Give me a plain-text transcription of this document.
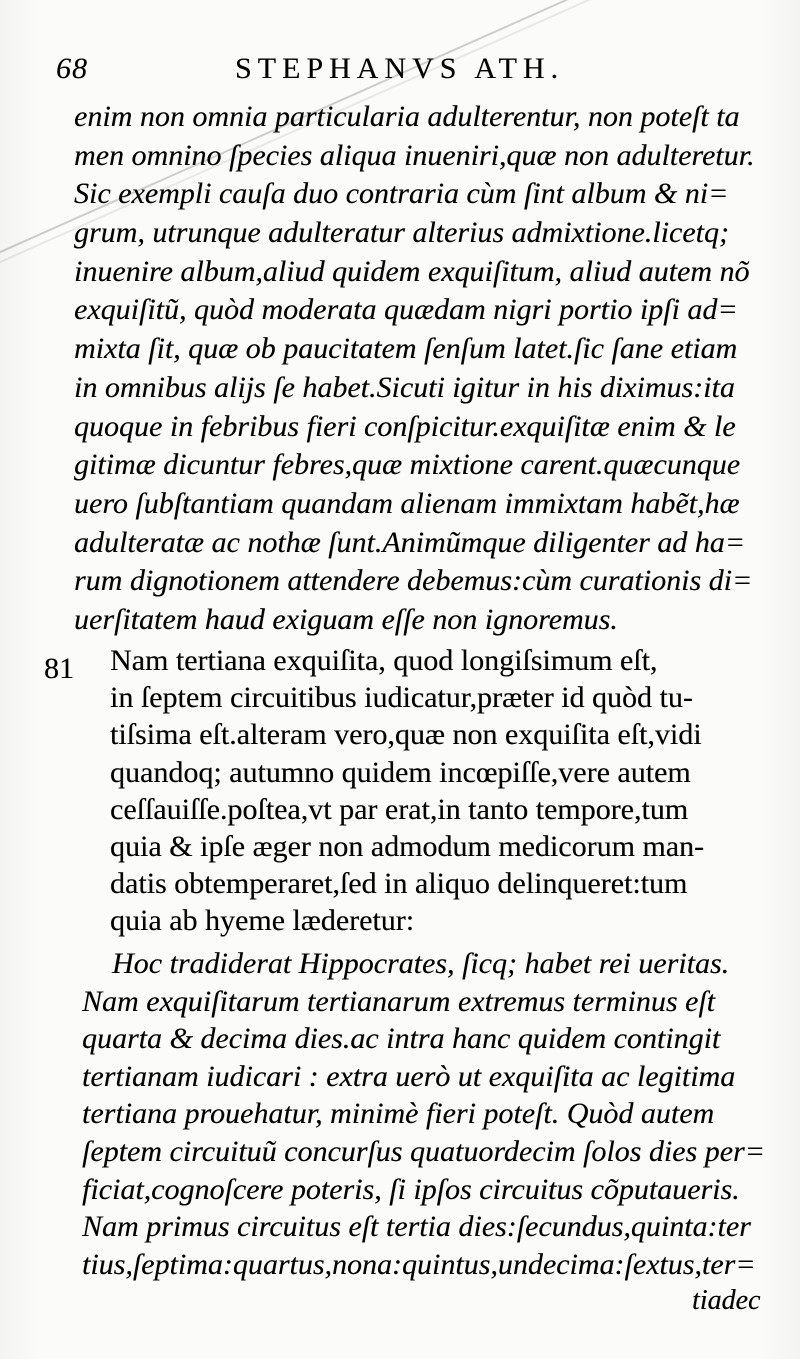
68	STEPHANVS ATH.
enim non omnia particularia adulterentur, non poteſt ta
men omnino ſpecies aliqua inueniri,quæ non adulteretur.
Sic exempli cauſa duo contraria cùm ſint album & ni=
grum, utrunque adulteratur alterius admixtione.licetq;
inuenire album,aliud quidem exquiſitum, aliud autem nõ
exquiſitũ, quòd moderata quædam nigri portio ipſi ad=
mixta ſit, quæ ob paucitatem ſenſum latet.ſic ſane etiam
in omnibus alijs ſe habet.Sicuti igitur in his diximus:ita
quoque in febribus fieri conſpicitur.exquiſitæ enim & le
gitimæ dicuntur febres,quæ mixtione carent.quæcunque
uero ſubſtantiam quandam alienam immixtam habẽt,hæ
adulteratæ ac nothæ ſunt.Animũmque diligenter ad ha=
rum dignotionem attendere debemus:cùm curationis di=
uerſitatem haud exiguam eſſe non ignoremus.
81 Nam tertiana exquiſita, quod longiſsimum eſt,
in ſeptem circuitibus iudicatur,præter id quòd tu-
tiſsima eſt.alteram vero,quæ non exquiſita eſt,vidi
quandoq; autumno quidem incœpiſſe,vere autem
ceſſauiſſe.poſtea,vt par erat,in tanto tempore,tum
quia & ipſe æger non admodum medicorum man-
datis obtemperaret,ſed in aliquo delinqueret:tum
quia ab hyeme læderetur:
Hoc tradiderat Hippocrates, ſicq; habet rei ueritas.
Nam exquiſitarum tertianarum extremus terminus eſt
quarta & decima dies.ac intra hanc quidem contingit
tertianam iudicari : extra uerò ut exquiſita ac legitima
tertiana prouehatur, minimè fieri poteſt. Quòd autem
ſeptem circuituũ concurſus quatuordecim ſolos dies per=
ficiat,cognoſcere poteris, ſi ipſos circuitus cõputaueris.
Nam primus circuitus eſt tertia dies:ſecundus,quinta:ter
tius,ſeptima:quartus,nona:quintus,undecima:ſextus,ter=
tiadec
